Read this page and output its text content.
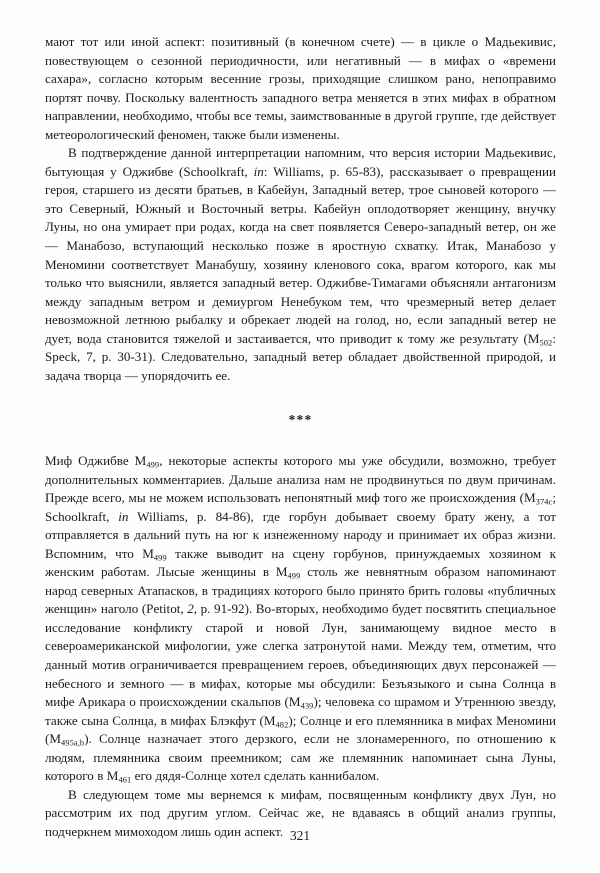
мают тот или иной аспект: позитивный (в конечном счете) — в цикле о Мадьекивис, повествующем о сезонной периодичности, или негативный — в мифах о «времени сахара», согласно которым весенние грозы, приходящие слишком рано, непоправимо портят почву. Поскольку валентность западного ветра меняется в этих мифах в обратном направлении, необходимо, чтобы все темы, заимствованные в другой группе, где действует метеорологический феномен, также были изменены.

В подтверждение данной интерпретации напомним, что версия истории Мадьекивис, бытующая у Оджибве (Schoolkraft, in: Williams, p. 65-83), рассказывает о превращении героя, старшего из десяти братьев, в Кабейун, Западный ветер, трое сыновей которого — это Северный, Южный и Восточный ветры. Кабейун оплодотворяет женщину, внучку Луны, но она умирает при родах, когда на свет появляется Северо-западный ветер, он же — Манабозо, вступающий несколько позже в яростную схватку. Итак, Манабозо у Меномини соответствует Манабушу, хозяину кленового сока, врагом которого, как мы только что выяснили, является западный ветер. Оджибве-Тимагами объясняли антагонизм между западным ветром и демиургом Ненебуком тем, что чрезмерный ветер делает невозможной летнюю рыбалку и обрекает людей на голод, но, если западный ветер не дует, вода становится тяжелой и застаивается, что приводит к тому же результату ($M_{502}$: Speck, 7, p. 30-31). Следовательно, западный ветер обладает двойственной природой, и задача творца — упорядочить ее.

***

Миф Оджибве $M_{499}$, некоторые аспекты которого мы уже обсудили, возможно, требует дополнительных комментариев. Дальше анализа нам не продвинуться по двум причинам. Прежде всего, мы не можем использовать непонятный миф того же происхождения ($M_{374c}$; Schoolkraft, in Williams, p. 84-86), где горбун добывает своему брату жену, а тот отправляется в дальний путь на юг к изнеженному народу и принимает их образ жизни. Вспомним, что $M_{499}$ также выводит на сцену горбунов, принуждаемых хозяином к женским работам. Лысые женщины в $M_{499}$ столь же невнятным образом напоминают народ северных Атапасков, в традициях которого было принято брить головы «публичных женщин» наголо (Petitot, 2, p. 91-92). Во-вторых, необходимо будет посвятить специальное исследование конфликту старой и новой Лун, занимающему видное место в североамериканской мифологии, уже слегка затронутой нами. Между тем, отметим, что данный мотив ограничивается превращением героев, объединяющих двух персонажей — небесного и земного — в мифах, которые мы обсудили: Безъязыкого и сына Солнца в мифе Арикара о происхождении скальпов $(M_{439})$; человека со шрамом и Утреннюю звезду, также сына Солнца, в мифах Блэкфут $(M_{482})$; Солнце и его племянника в мифах Меномини $(M_{495a,b})$. Солнце назначает этого дерзкого, если не злонамеренного, по отношению к людям, племянника своим преемником; сам же племянник напоминает сына Луны, которого в $M_{461}$ его дядя-Солнце хотел сделать каннибалом.

В следующем томе мы вернемся к мифам, посвященным конфликту двух Лун, но рассмотрим их под другим углом. Сейчас же, не вдаваясь в общий анализ группы, подчеркнем мимоходом лишь один аспект. 321
